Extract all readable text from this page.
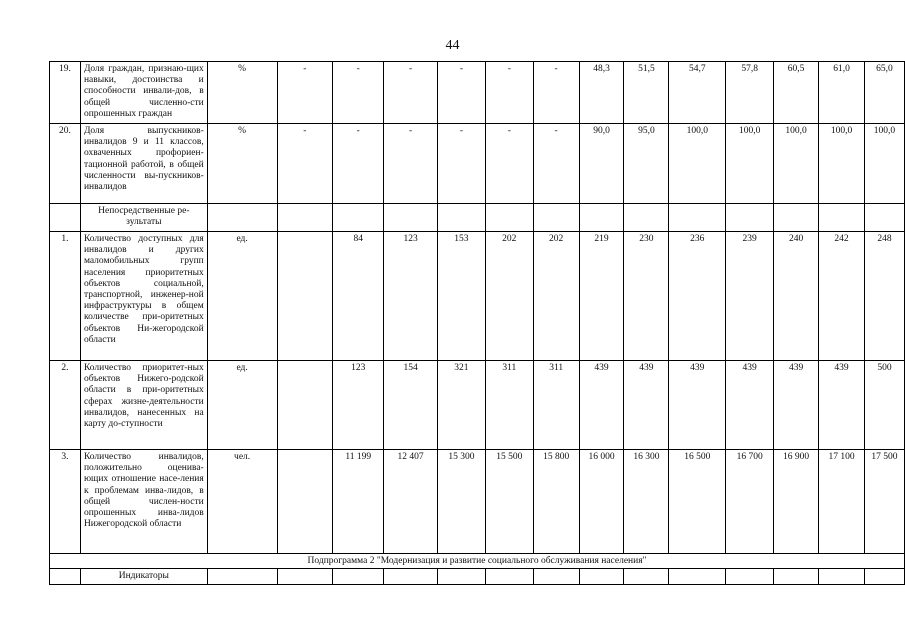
44
19.	Доля граждан, признаю-щих навыки, достоинства и способности инвали-дов, в общей численно-сти опрошенных граждан	%	-	-	-	-	-	-	48,3	51,5	54,7	57,8	60,5	61,0	65,0
20.	Доля выпускников-инвалидов 9 и 11 классов, охваченных профориен-тационной работой, в общей численности вы-пускников-инвалидов	%	-	-	-	-	-	-	90,0	95,0	100,0	100,0	100,0	100,0	100,0
	Непосредственные ре-зультаты														
1.	Количество доступных для инвалидов и других маломобильных групп населения приоритетных объектов социальной, транспортной, инженер-ной инфраструктуры в общем количестве при-оритетных объектов Ни-жегородской области	ед.		84	123	153	202	202	219	230	236	239	240	242	248
2.	Количество приоритет-ных объектов Нижего-родской области в при-оритетных сферах жизне-деятельности инвалидов, нанесенных на карту до-ступности	ед.		123	154	321	311	311	439	439	439	439	439	439	500
3.	Количество инвалидов, положительно оценива-ющих отношение насе-ления к проблемам инва-лидов, в общей числен-ности опрошенных инва-лидов Нижегородской области	чел.		11 199	12 407	15 300	15 500	15 800	16 000	16 300	16 500	16 700	16 900	17 100	17 500
Подпрограмма 2 "Модернизация и развитие социального обслуживания населения"															
	Индикаторы														
